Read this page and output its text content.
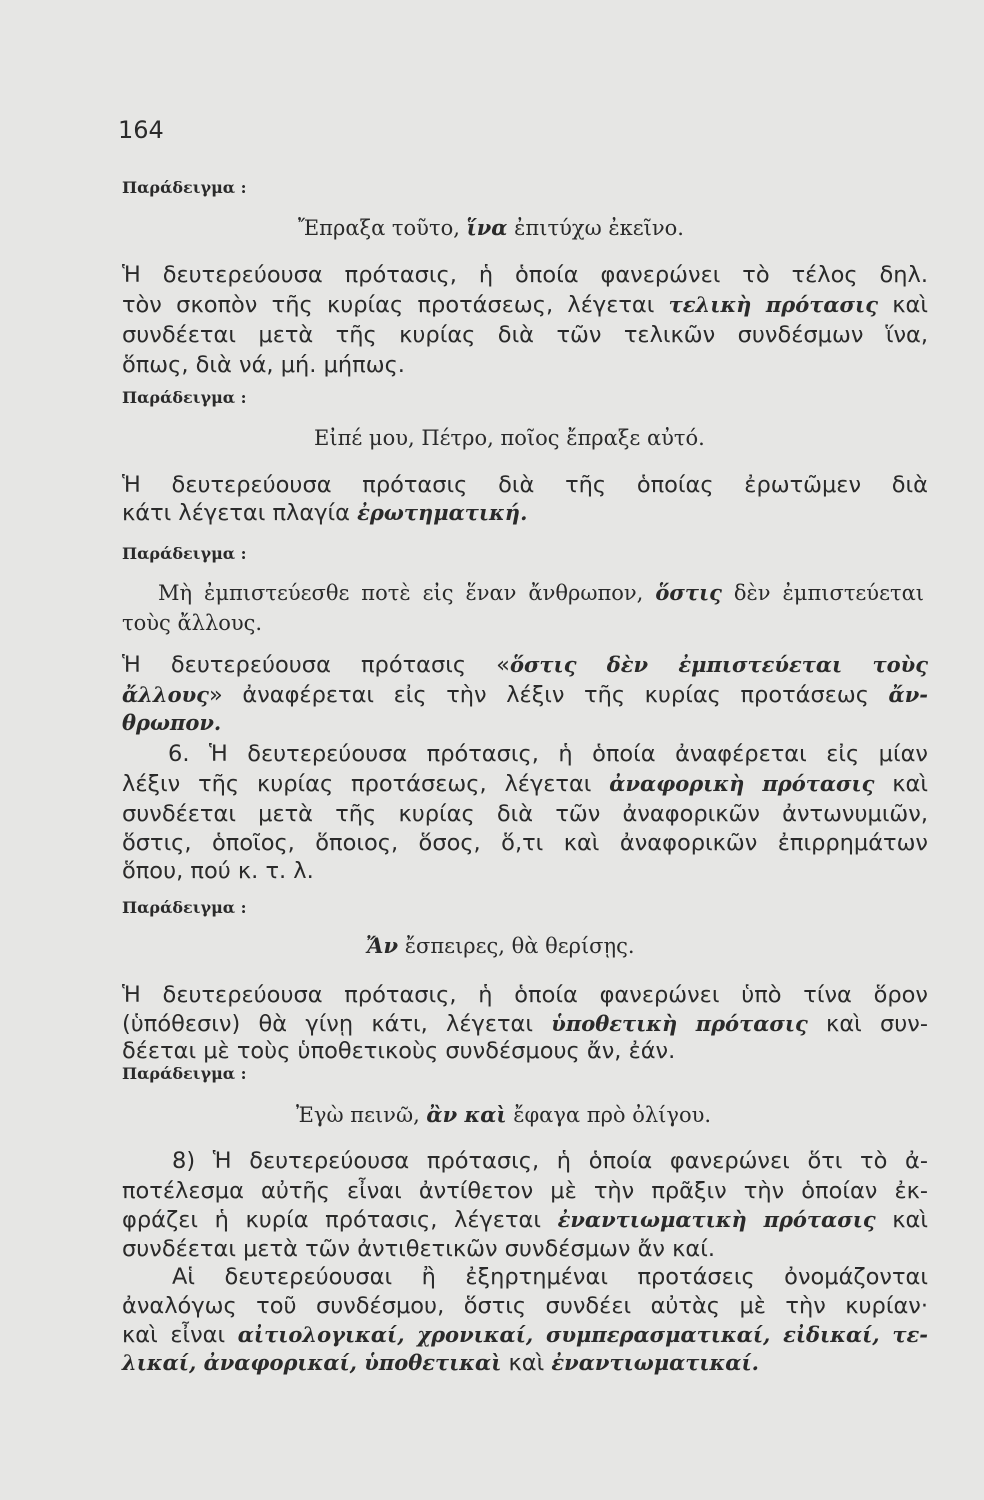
164
Παράδειγμα :
Ἔπραξα τοῦτο, ἵνα ἐπιτύχω ἐκεῖνο.
Ἡ δευτερεύουσα πρότασις, ἡ ὁποία φανερώνει τὸ τέλος δηλ.
τὸν σκοπὸν τῆς κυρίας προτάσεως, λέγεται τελικὴ πρότασις καὶ
συνδέεται μετὰ τῆς κυρίας διὰ τῶν τελικῶν συνδέσμων ἵνα,
ὅπως, διὰ νά, μή. μήπως.
Παράδειγμα :
Εἰπέ μου, Πέτρο, ποῖος ἔπραξε αὐτό.
Ἡ δευτερεύουσα πρότασις διὰ τῆς ὁποίας ἐρωτῶμεν διὰ
κάτι λέγεται πλαγία ἐρωτηματική.
Παράδειγμα :
Μὴ ἐμπιστεύεσθε ποτὲ εἰς ἕναν ἄνθρωπον, ὅστις δὲν ἐμπιστεύεται
τοὺς ἄλλους.
Ἡ δευτερεύουσα πρότασις «ὅστις δὲν ἐμπιστεύεται τοὺς
ἄλλους» ἀναφέρεται εἰς τὴν λέξιν τῆς κυρίας προτάσεως ἄν-
θρωπον.
6. Ἡ δευτερεύουσα πρότασις, ἡ ὁποία ἀναφέρεται εἰς μίαν
λέξιν τῆς κυρίας προτάσεως, λέγεται ἀναφορικὴ πρότασις καὶ
συνδέεται μετὰ τῆς κυρίας διὰ τῶν ἀναφορικῶν ἀντωνυμιῶν,
ὅστις, ὁποῖος, ὅποιος, ὅσος, ὅ,τι καὶ ἀναφορικῶν ἐπιρρημάτων
ὅπου, πού κ. τ. λ.
Παράδειγμα :
Ἄν ἔσπειρες, θὰ θερίσῃς.
Ἡ δευτερεύουσα πρότασις, ἡ ὁποία φανερώνει ὑπὸ τίνα ὅρον
(ὑπόθεσιν) θὰ γίνῃ κάτι, λέγεται ὑποθετικὴ πρότασις καὶ συν-
δέεται μὲ τοὺς ὑποθετικοὺς συνδέσμους ἄν, ἐάν.
Παράδειγμα :
Ἐγὼ πεινῶ, ἂν καὶ ἔφαγα πρὸ ὀλίγου.
8) Ἡ δευτερεύουσα πρότασις, ἡ ὁποία φανερώνει ὅτι τὸ ἀ-
ποτέλεσμα αὐτῆς εἶναι ἀντίθετον μὲ τὴν πρᾶξιν τὴν ὁποίαν ἐκ-
φράζει ἡ κυρία πρότασις, λέγεται ἐναντιωματικὴ πρότασις καὶ
συνδέεται μετὰ τῶν ἀντιθετικῶν συνδέσμων ἄν καί.
Αἱ δευτερεύουσαι ἢ ἐξηρτημέναι προτάσεις ὀνομάζονται
ἀναλόγως τοῦ συνδέσμου, ὅστις συνδέει αὐτὰς μὲ τὴν κυρίαν·
καὶ εἶναι αἰτιολογικαί, χρονικαί, συμπερασματικαί, εἰδικαί, τε-
λικαί, ἀναφορικαί, ὑποθετικαὶ καὶ ἐναντιωματικαί.
